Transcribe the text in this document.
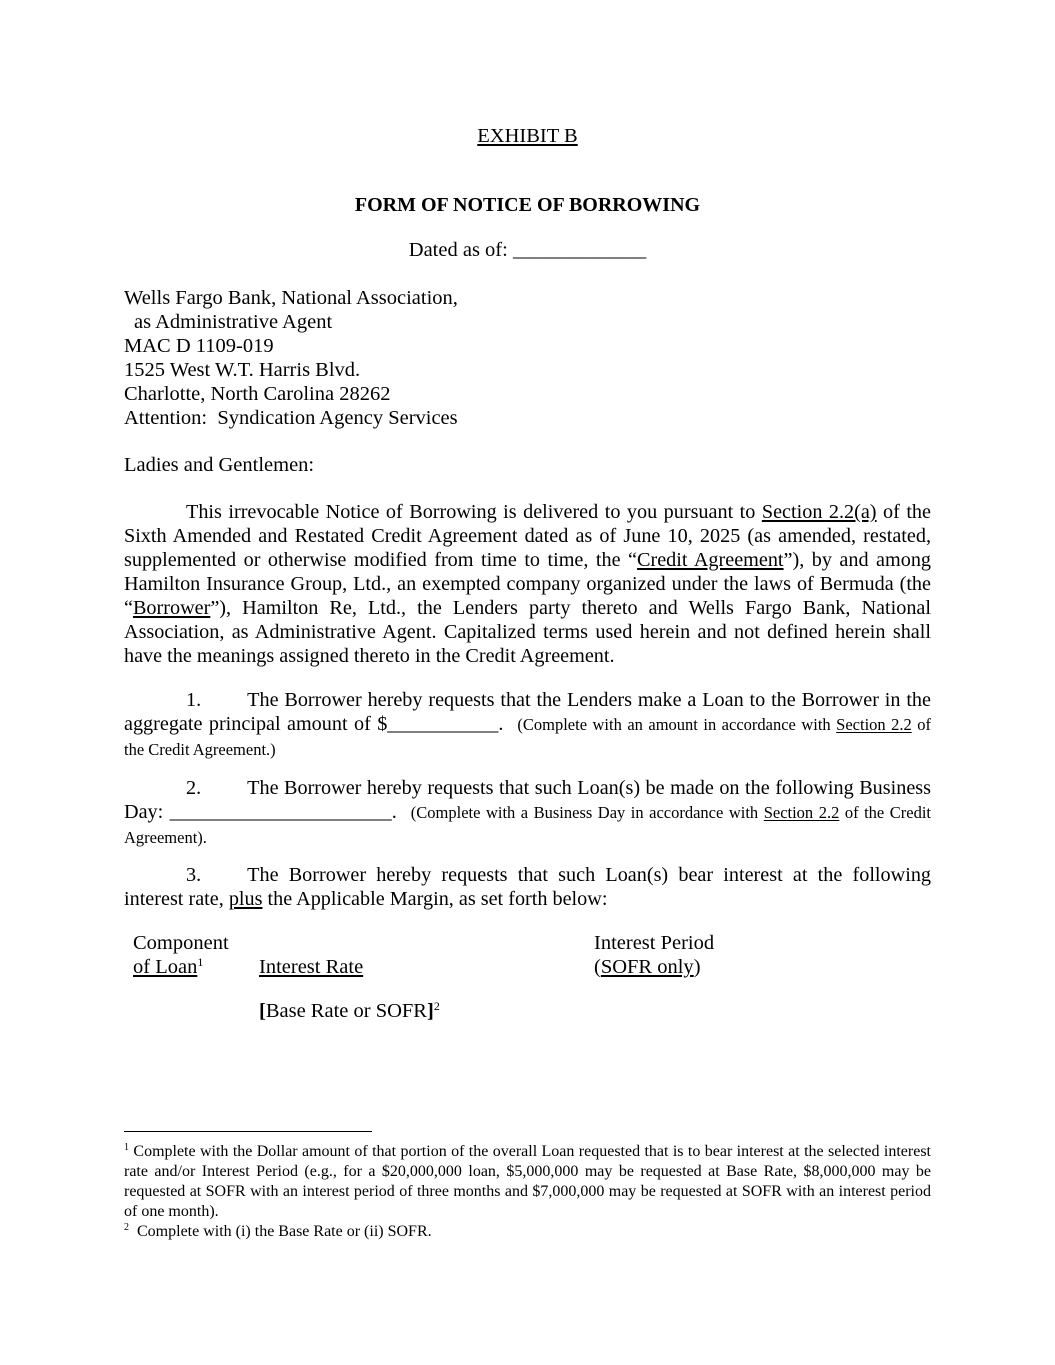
EXHIBIT B
FORM OF NOTICE OF BORROWING
Dated as of: _____________
Wells Fargo Bank, National Association,
as Administrative Agent
MAC D 1109-019
1525 West W.T. Harris Blvd.
Charlotte, North Carolina 28262
Attention:  Syndication Agency Services
Ladies and Gentlemen:
This irrevocable Notice of Borrowing is delivered to you pursuant to Section 2.2(a) of the Sixth Amended and Restated Credit Agreement dated as of June 10, 2025 (as amended, restated, supplemented or otherwise modified from time to time, the “Credit Agreement”), by and among Hamilton Insurance Group, Ltd., an exempted company organized under the laws of Bermuda (the “Borrower”), Hamilton Re, Ltd., the Lenders party thereto and Wells Fargo Bank, National Association, as Administrative Agent. Capitalized terms used herein and not defined herein shall have the meanings assigned thereto in the Credit Agreement.
1. The Borrower hereby requests that the Lenders make a Loan to the Borrower in the aggregate principal amount of $___________. (Complete with an amount in accordance with Section 2.2 of the Credit Agreement.)
2. The Borrower hereby requests that such Loan(s) be made on the following Business Day: ______________________. (Complete with a Business Day in accordance with Section 2.2 of the Credit Agreement).
3. The Borrower hereby requests that such Loan(s) bear interest at the following interest rate, plus the Applicable Margin, as set forth below:
Component
of Loan$^1$	Interest Rate
Interest Period
(SOFR only)
[Base Rate or SOFR]$^2$
$^1$ Complete with the Dollar amount of that portion of the overall Loan requested that is to bear interest at the selected interest rate and/or Interest Period (e.g., for a $20,000,000 loan, $5,000,000 may be requested at Base Rate, $8,000,000 may be requested at SOFR with an interest period of three months and $7,000,000 may be requested at SOFR with an interest period of one month).
$^2$ Complete with (i) the Base Rate or (ii) SOFR.
